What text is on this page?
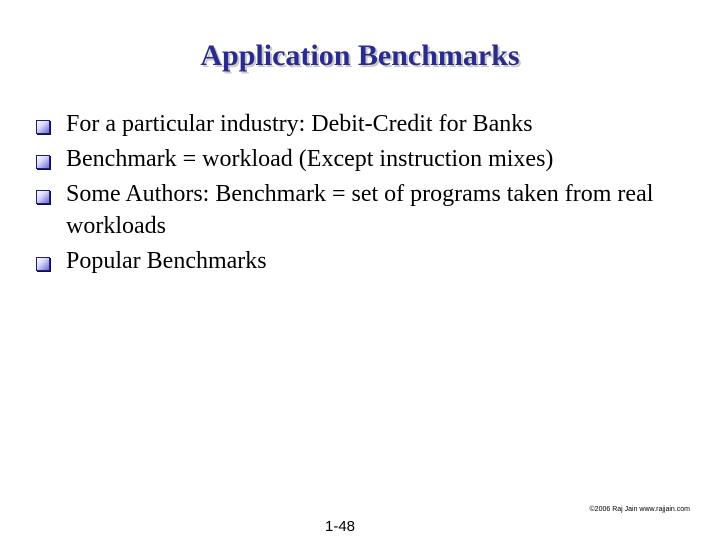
Application Benchmarks
For a particular industry: Debit-Credit for Banks
Benchmark = workload (Except instruction mixes)
Some Authors: Benchmark = set of programs taken from real workloads
Popular Benchmarks
©2006 Raj Jain www.rajjain.com
1-48
